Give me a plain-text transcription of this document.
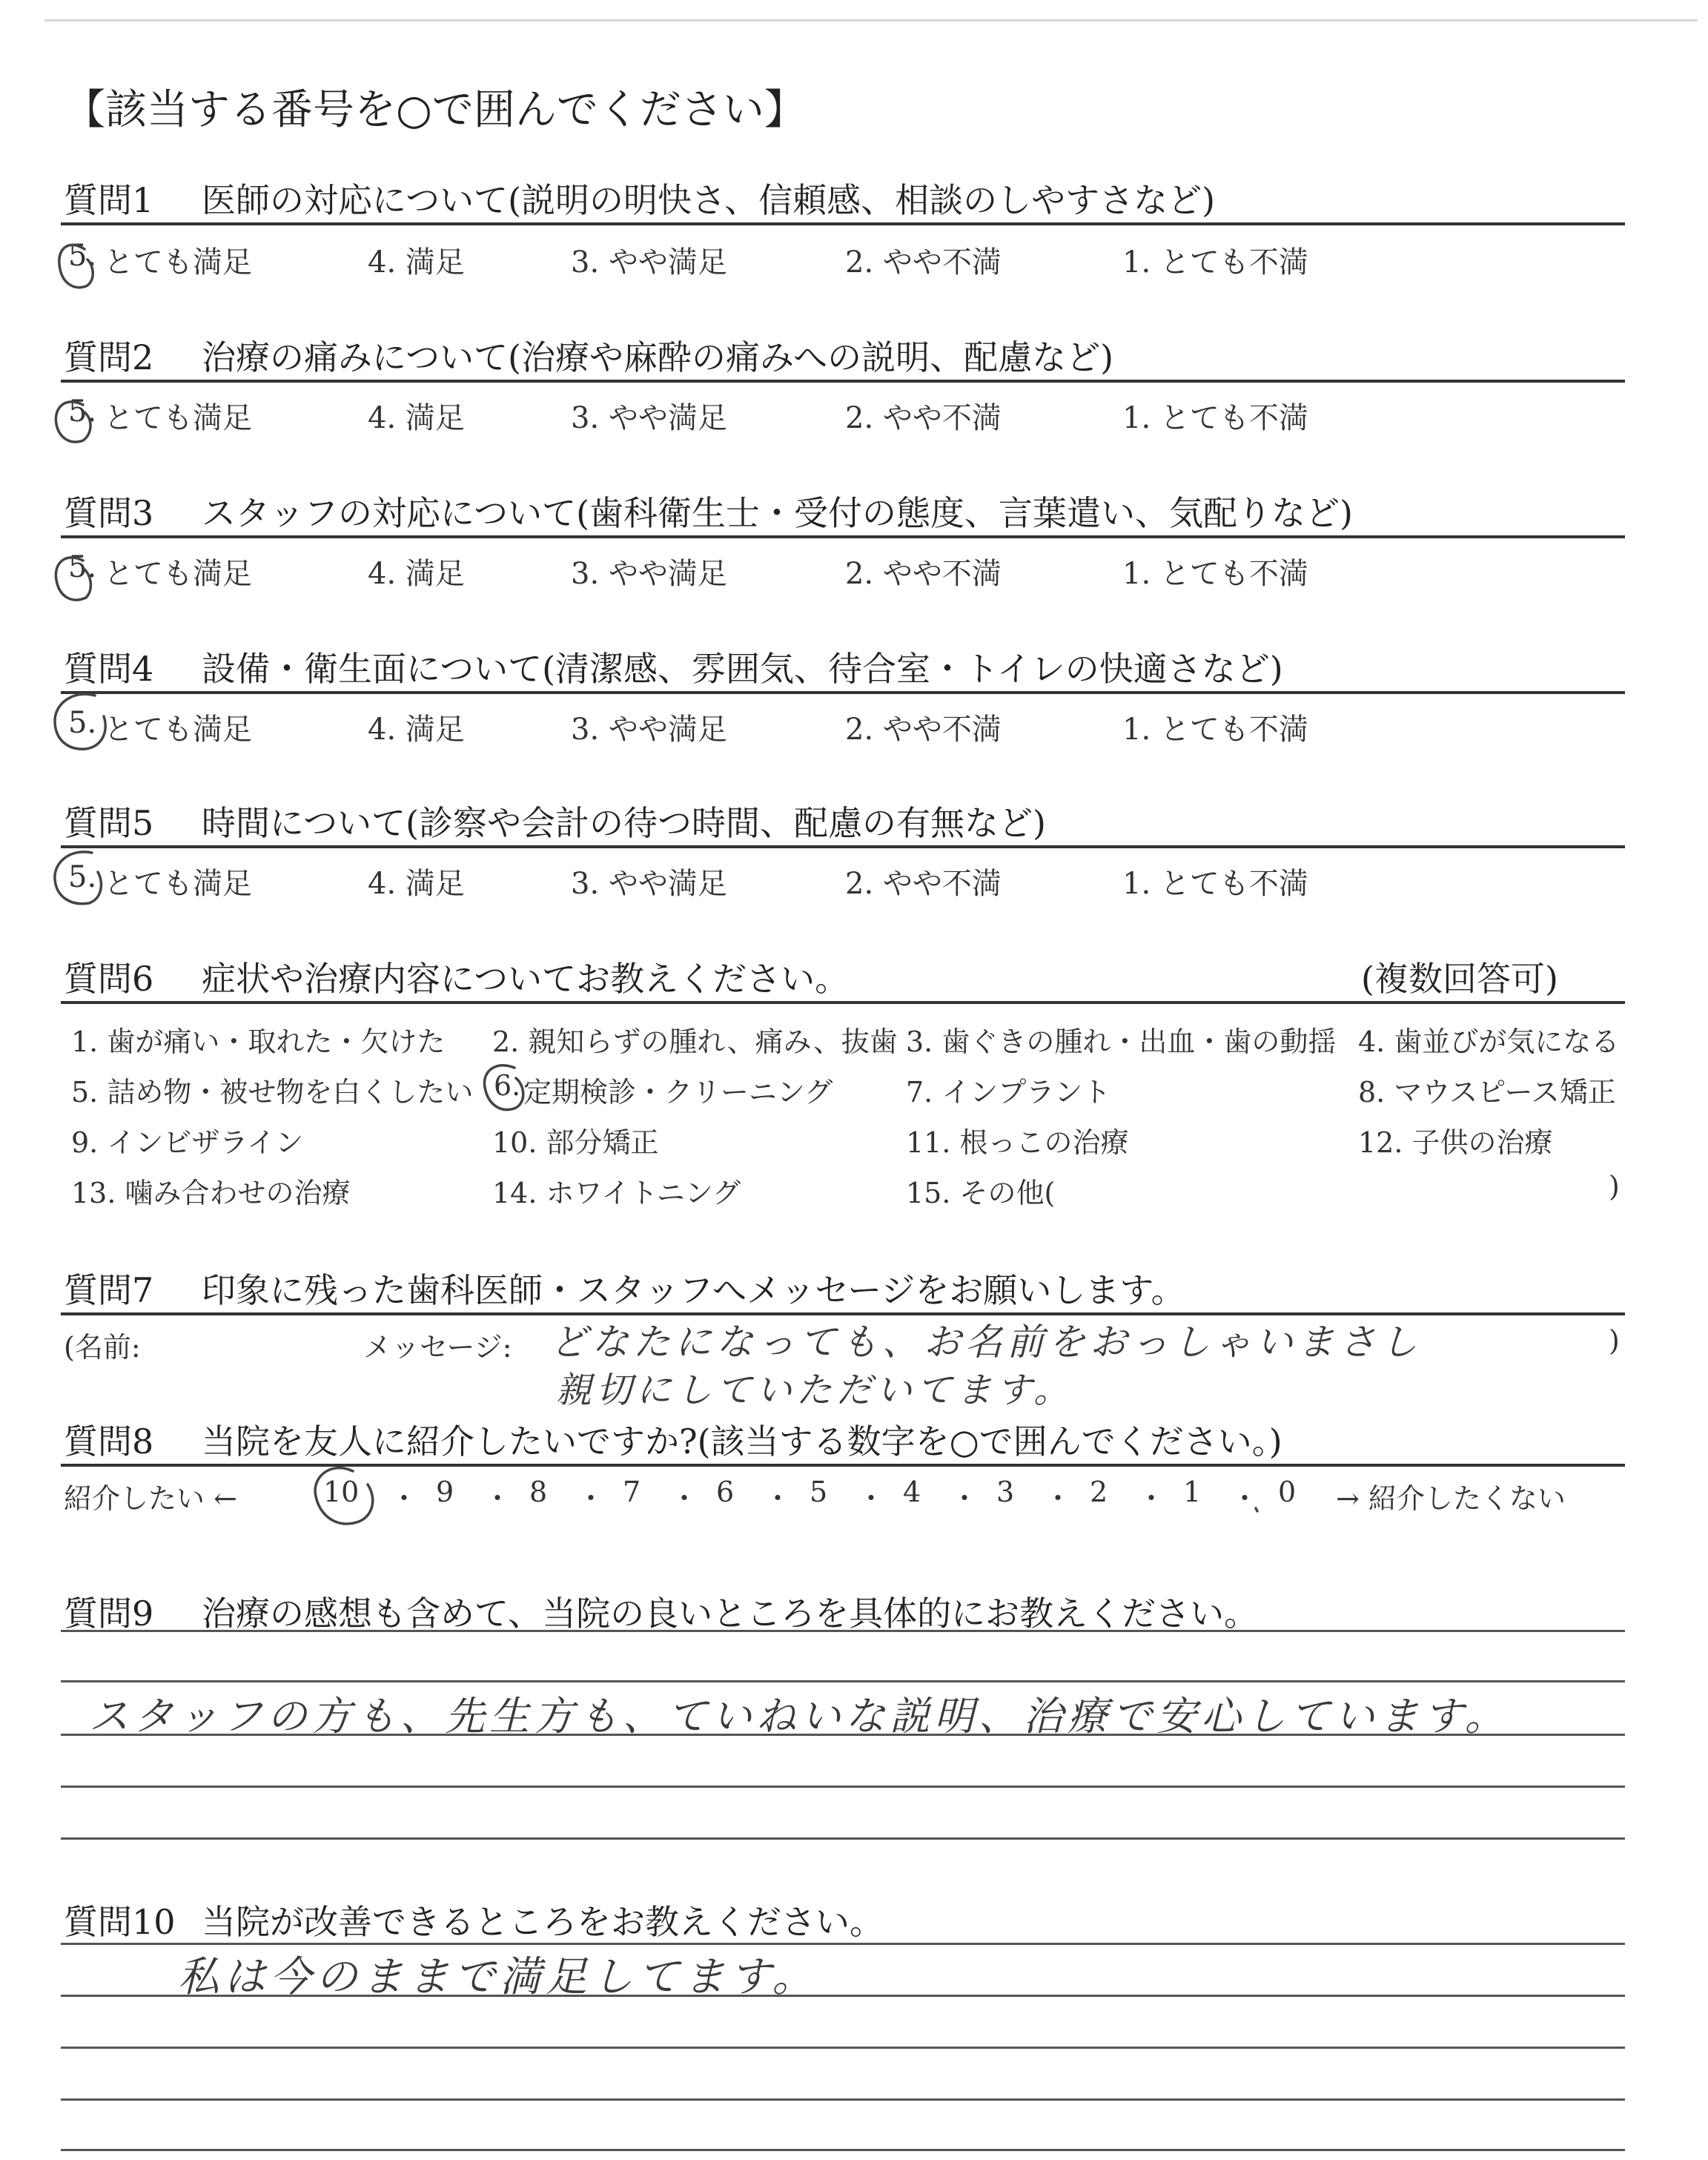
【該当する番号を○で囲んでください】
質問1 医師の対応について(説明の明快さ、信頼感、相談のしやすさなど)
5. とても満足	4. 満足	3. やや満足	2. やや不満	1. とても不満
質問2 治療の痛みについて(治療や麻酔の痛みへの説明、配慮など)
5. とても満足	4. 満足	3. やや満足	2. やや不満	1. とても不満
質問3 スタッフの対応について(歯科衛生士・受付の態度、言葉遣い、気配りなど)
5. とても満足	4. 満足	3. やや満足	2. やや不満	1. とても不満
質問4 設備・衛生面について(清潔感、雰囲気、待合室・トイレの快適さなど)
5. とても満足	4. 満足	3. やや満足	2. やや不満	1. とても不満
質問5 時間について(診察や会計の待つ時間、配慮の有無など)
5. とても満足	4. 満足	3. やや満足	2. やや不満	1. とても不満
質問6 症状や治療内容についてお教えください。	(複数回答可)
1. 歯が痛い・取れた・欠けた 2. 親知らずの腫れ、痛み、抜歯 3. 歯ぐきの腫れ・出血・歯の動揺 4. 歯並びが気になる
5. 詰め物・被せ物を白くしたい 6. 定期検診・クリーニング	7. インプラント	8. マウスピース矯正
9. インビザライン	10. 部分矯正	11. 根っこの治療	12. 子供の治療
13. 噛み合わせの治療	14. ホワイトニング	15. その他(	)
質問7 印象に残った歯科医師・スタッフへメッセージをお願いします。
(名前:	メッセージ:	)
どなたになっても、お名前をおっしゃいまさし
親切にしていただいてます。
質問8 当院を友人に紹介したいですか?(該当する数字を○で囲んでください。)
紹介したい ←	→ 紹介したくない
10 ・ 9 ・ 8 ・ 7 ・ 6 ・ 5 ・ 4 ・ 3 ・ 2 ・ 1 ・ 0
質問9 治療の感想も含めて、当院の良いところを具体的にお教えください。
スタッフの方も、先生方も、ていねいな説明、治療で安心しています。
質問10 当院が改善できるところをお教えください。
私は今のままで満足してます。
